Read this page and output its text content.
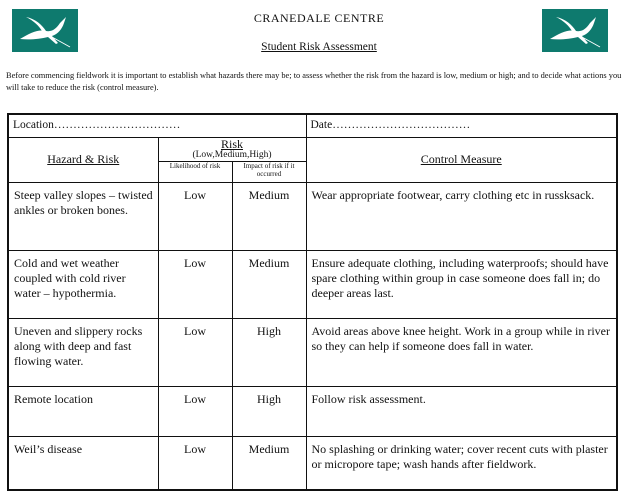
CRANEDALE CENTRE
Student Risk Assessment
Before commencing fieldwork it is important to establish what hazards there may be; to assess whether the risk from the hazard is low, medium or high; and to decide what actions you will take to reduce the risk (control measure).
Location……………………………			Date………………………………
Hazard & Risk	Risk
(Low,Medium,High)		Control Measure
	Likelihood of risk	Impact of risk if it occurred	
Steep valley slopes – twisted ankles or broken bones.	Low	Medium	Wear appropriate footwear, carry clothing etc in russksack.
Cold and wet weather coupled with cold river water – hypothermia.	Low	Medium	Ensure adequate clothing, including waterproofs; should have spare clothing within group in case someone does fall in; do deeper areas last.
Uneven and slippery rocks along with deep and fast flowing water.	Low	High	Avoid areas above knee height. Work in a group while in river so they can help if someone does fall in water.
Remote location	Low	High	Follow risk assessment.
Weil’s disease	Low	Medium	No splashing or drinking water; cover recent cuts with plaster or micropore tape; wash hands after fieldwork.
